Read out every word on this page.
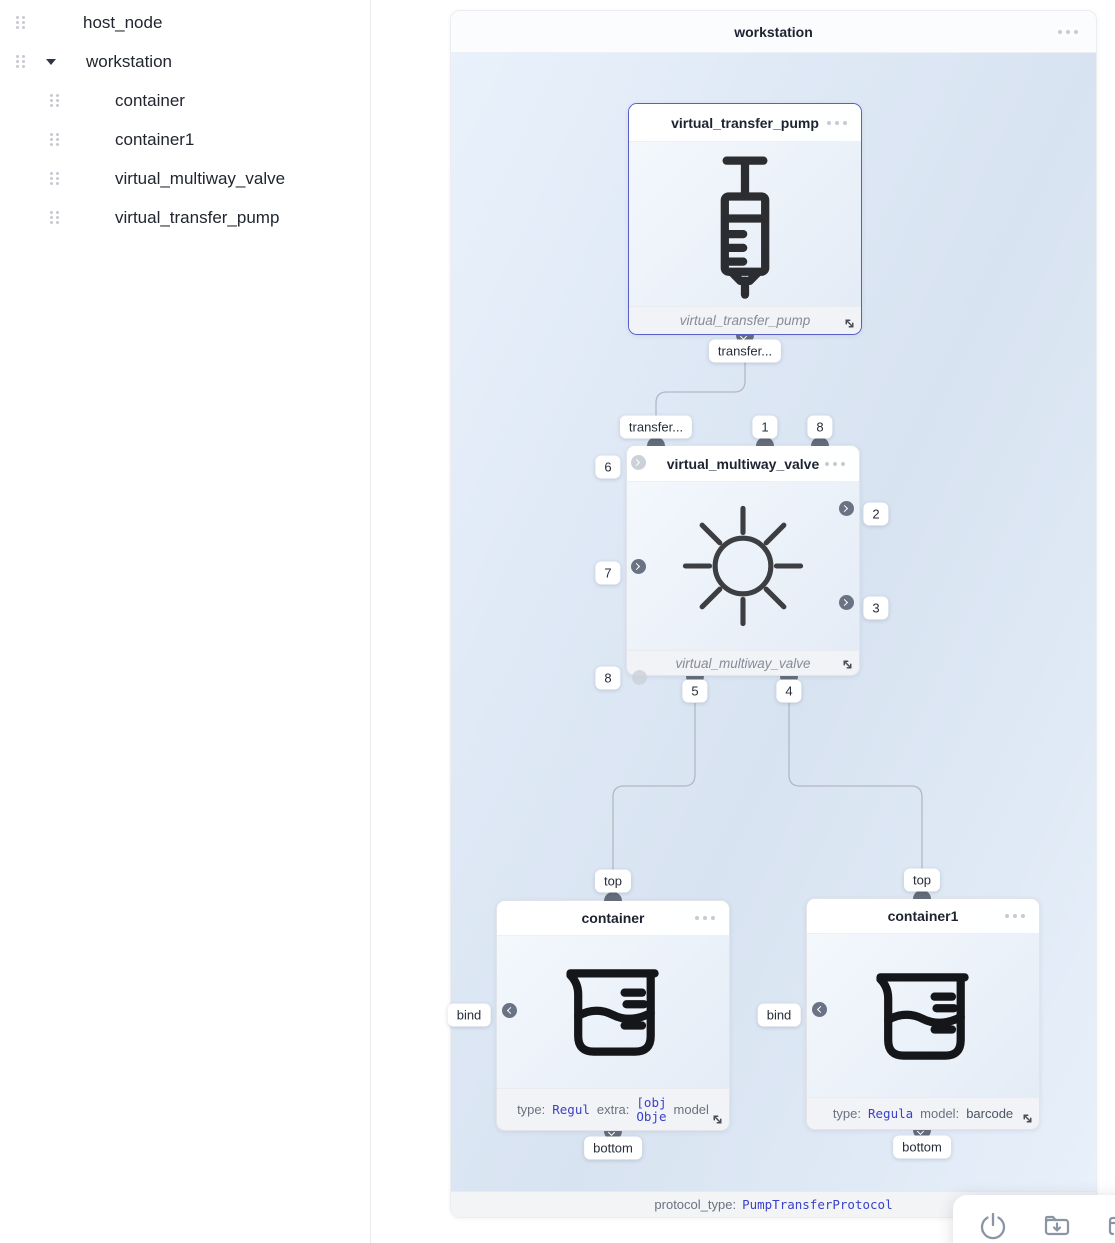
host_node
workstation
container
container1
virtual_multiway_valve
virtual_transfer_pump
workstation
protocol_type: PumpTransferProtocol
virtual_transfer_pump
virtual_transfer_pump
virtual_multiway_valve
virtual_multiway_valve
container
type: Regul extra: [obj
Obje model
container1
type: Regula model: barcode
transfer...
transfer...	1	8
6
7
8
2
3
5	4
top
bind
bottom
top
bind
bottom
